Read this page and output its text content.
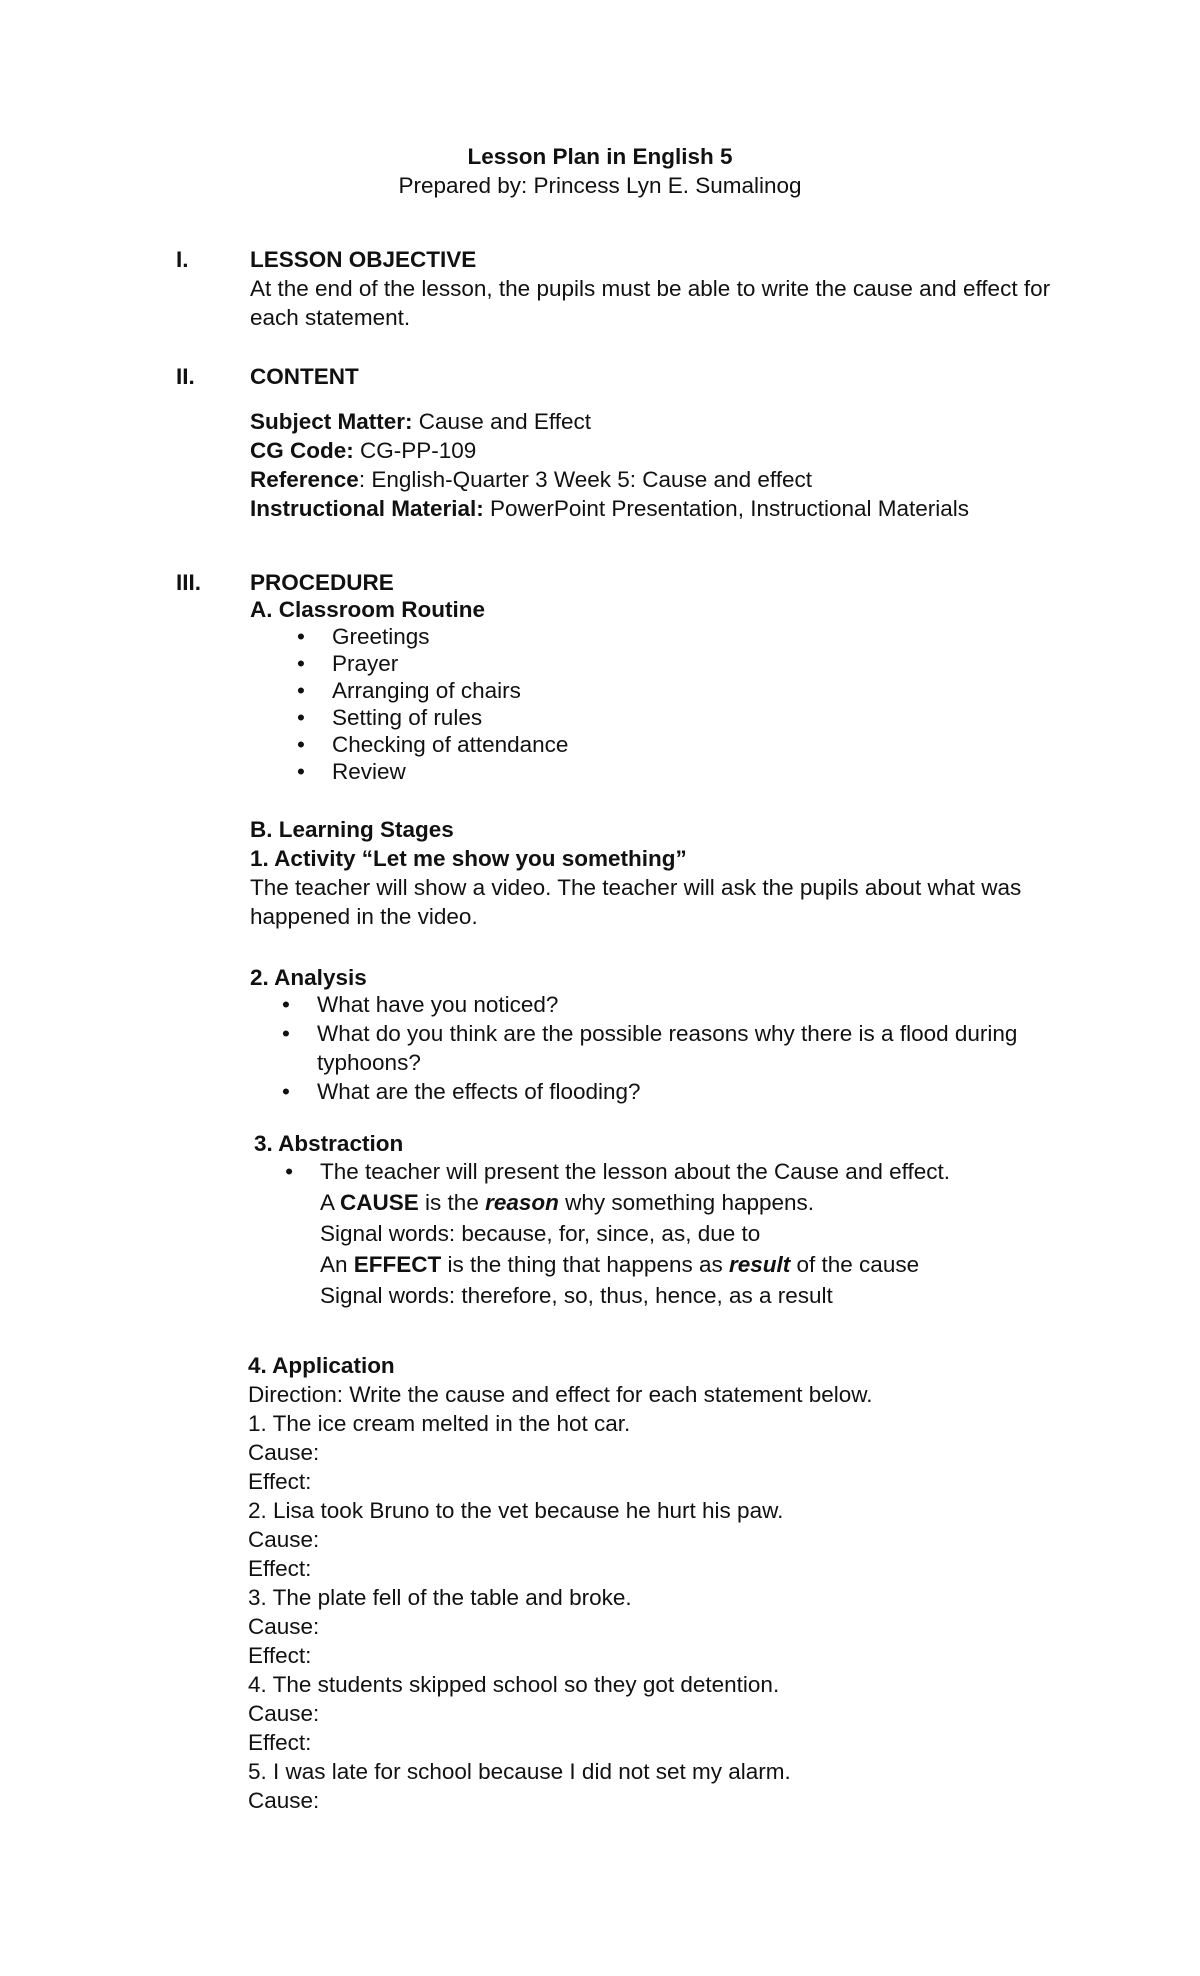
Lesson Plan in English 5
Prepared by: Princess Lyn E. Sumalinog
I.	LESSON OBJECTIVE
At the end of the lesson, the pupils must be able to write the cause and effect for each statement.
II. CONTENT
Subject Matter: Cause and Effect
CG Code: CG-PP-109
Reference: English-Quarter 3 Week 5: Cause and effect
Instructional Material: PowerPoint Presentation, Instructional Materials
III. PROCEDURE
A. Classroom Routine
• Greetings
• Prayer
• Arranging of chairs
• Setting of rules
• Checking of attendance
• Review
B. Learning Stages
1. Activity “Let me show you something”
The teacher will show a video. The teacher will ask the pupils about what was happened in the video.
2. Analysis
• What have you noticed?
• What do you think are the possible reasons why there is a flood during typhoons?
• What are the effects of flooding?
3. Abstraction
• The teacher will present the lesson about the Cause and effect.
A CAUSE is the reason why something happens.
Signal words: because, for, since, as, due to
An EFFECT is the thing that happens as result of the cause
Signal words: therefore, so, thus, hence, as a result
4. Application
Direction: Write the cause and effect for each statement below.
1. The ice cream melted in the hot car.
Cause:
Effect:
2. Lisa took Bruno to the vet because he hurt his paw.
Cause:
Effect:
3. The plate fell of the table and broke.
Cause:
Effect:
4. The students skipped school so they got detention.
Cause:
Effect:
5. I was late for school because I did not set my alarm.
Cause:
